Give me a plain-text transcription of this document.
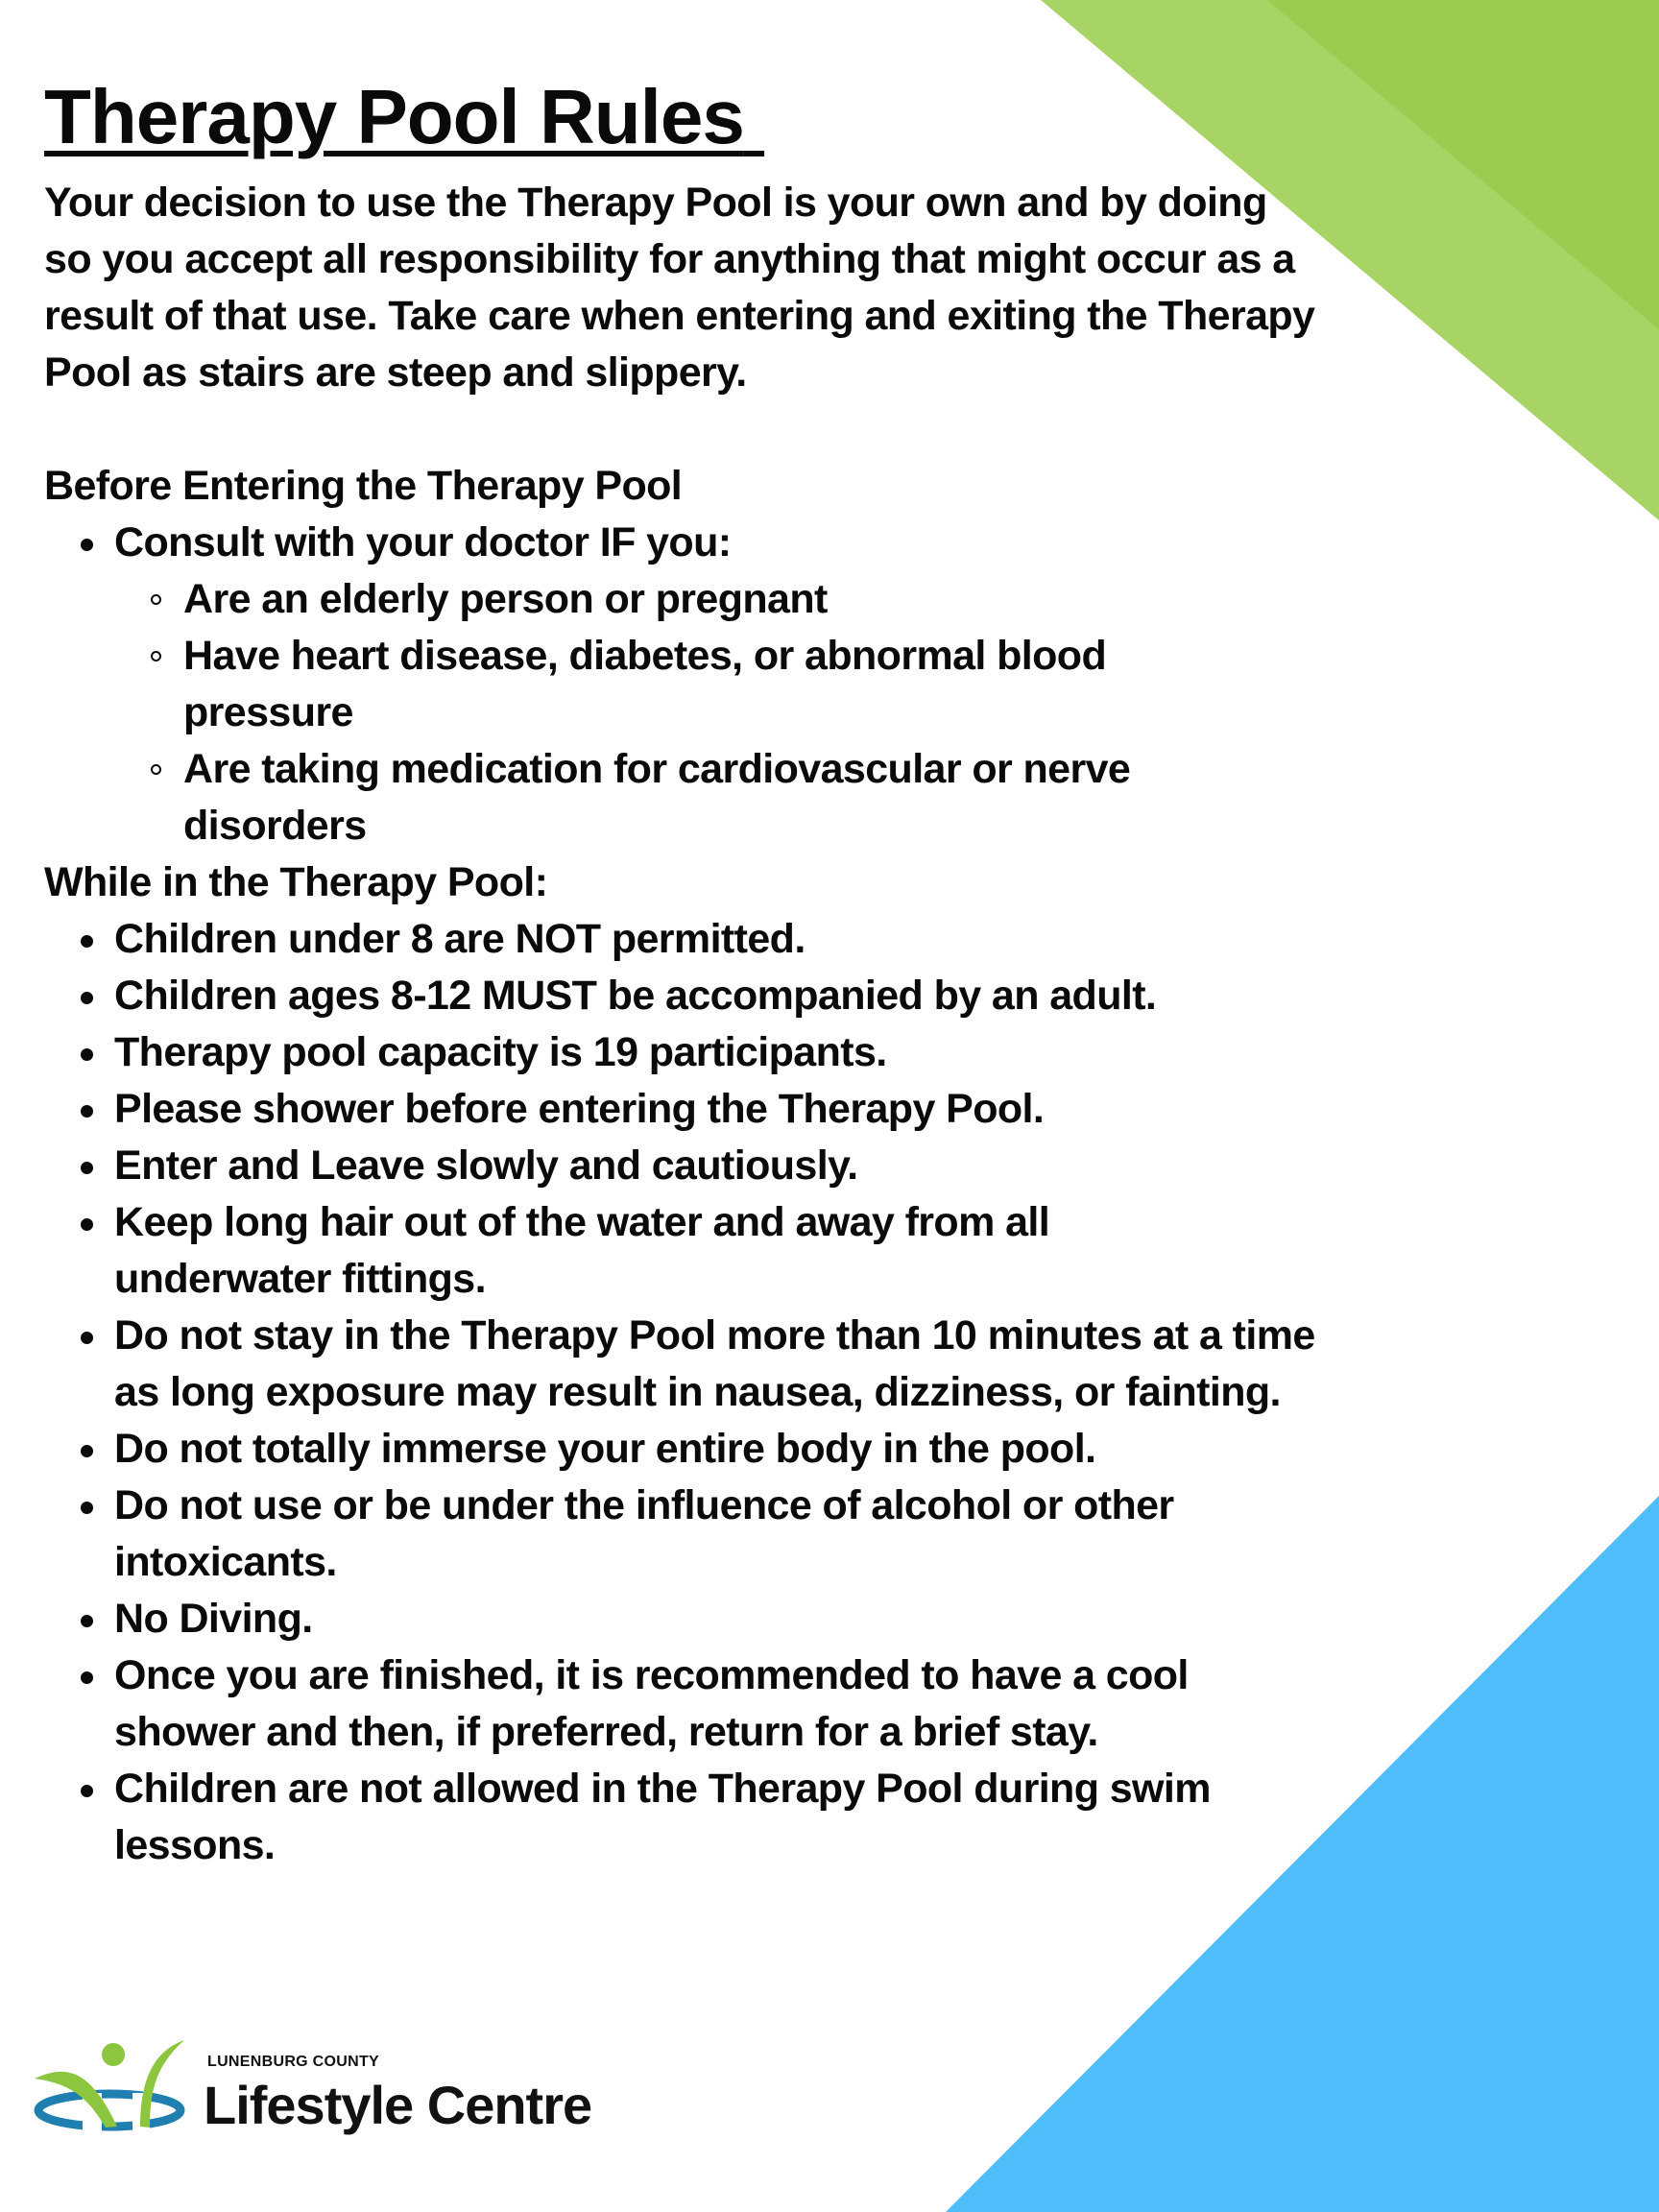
Therapy Pool Rules

Your decision to use the Therapy Pool is your own and by doing so you accept all responsibility for anything that might occur as a result of that use. Take care when entering and exiting the Therapy Pool as stairs are steep and slippery.

Before Entering the Therapy Pool

Consult with your doctor IF you:
Are an elderly person or pregnant
Have heart disease, diabetes, or abnormal blood pressure
Are taking medication for cardiovascular or nerve disorders

While in the Therapy Pool:

Children under 8 are NOT permitted.
Children ages 8-12 MUST be accompanied by an adult.
Therapy pool capacity is 19 participants.
Please shower before entering the Therapy Pool.
Enter and Leave slowly and cautiously.
Keep long hair out of the water and away from all underwater fittings.
Do not stay in the Therapy Pool more than 10 minutes at a time as long exposure may result in nausea, dizziness, or fainting.
Do not totally immerse your entire body in the pool.
Do not use or be under the influence of alcohol or other intoxicants.
No Diving.
Once you are finished, it is recommended to have a cool shower and then, if preferred, return for a brief stay.
Children are not allowed in the Therapy Pool during swim lessons.
LUNENBURG COUNTY
Lifestyle Centre
